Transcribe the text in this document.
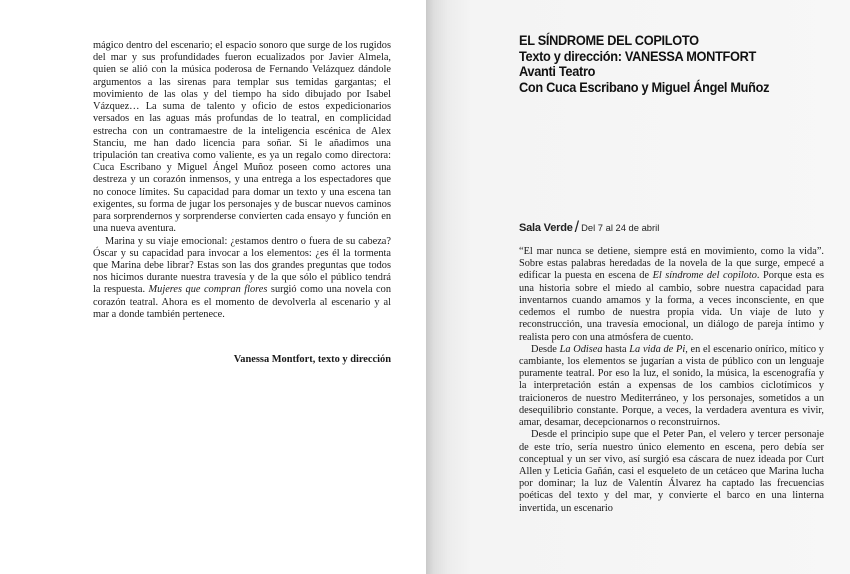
mágico dentro del escenario; el espacio sonoro que surge de los rugidos del mar y sus profundidades fueron ecualizados por Javier Almela, quien se alió con la música poderosa de Fernando Velázquez dándole argumentos a las sirenas para templar sus temidas gargantas; el movimiento de las olas y del tiempo ha sido dibujado por Isabel Vázquez… La suma de talento y oficio de estos expedicionarios versados en las aguas más profundas de lo teatral, en complicidad estrecha con un contramaestre de la inteligencia escénica de Alex Stanciu, me han dado licencia para soñar. Si le añadimos una tripulación tan creativa como valiente, es ya un regalo como directora: Cuca Escribano y Miguel Ángel Muñoz poseen como actores una destreza y un corazón inmensos, y una entrega a los espectadores que no conoce límites. Su capacidad para domar un texto y una escena tan exigentes, su forma de jugar los personajes y de buscar nuevos caminos para sorprendernos y sorprenderse convierten cada ensayo y función en una nueva aventura.

Marina y su viaje emocional: ¿estamos dentro o fuera de su cabeza? Óscar y su capacidad para invocar a los elementos: ¿es él la tormenta que Marina debe librar? Estas son las dos grandes preguntas que todos nos hicimos durante nuestra travesía y de la que sólo el público tendrá la respuesta. Mujeres que compran flores surgió como una novela con corazón teatral. Ahora es el momento de devolverla al escenario y al mar a donde también pertenece.

Vanessa Montfort, texto y dirección
EL SÍNDROME DEL COPILOTO
Texto y dirección: VANESSA MONTFORT
Avanti Teatro
Con Cuca Escribano y Miguel Ángel Muñoz
Sala Verde / Del 7 al 24 de abril

“El mar nunca se detiene, siempre está en movimiento, como la vida”. Sobre estas palabras heredadas de la novela de la que surge, empecé a edificar la puesta en escena de El síndrome del copiloto. Porque esta es una historia sobre el miedo al cambio, sobre nuestra capacidad para inventarnos cuando amamos y la forma, a veces inconsciente, en que cedemos el rumbo de nuestra propia vida. Un viaje de luto y reconstrucción, una travesía emocional, un diálogo de pareja íntimo y realista pero con una atmósfera de cuento.

Desde La Odisea hasta La vida de Pi, en el escenario onírico, mítico y cambiante, los elementos se jugarían a vista de público con un lenguaje puramente teatral. Por eso la luz, el sonido, la música, la escenografía y la interpretación están a expensas de los cambios ciclotímicos y traicioneros de nuestro Mediterráneo, y los personajes, sometidos a un desequilibrio constante. Porque, a veces, la verdadera aventura es vivir, amar, desamar, decepcionarnos o reconstruirnos.

Desde el principio supe que el Peter Pan, el velero y tercer personaje de este trío, sería nuestro único elemento en escena, pero debía ser conceptual y un ser vivo, así surgió esa cáscara de nuez ideada por Curt Allen y Leticia Gañán, casi el esqueleto de un cetáceo que Marina lucha por dominar; la luz de Valentín Álvarez ha captado las frecuencias poéticas del texto y del mar, y convierte el barco en una linterna invertida, un escenario
